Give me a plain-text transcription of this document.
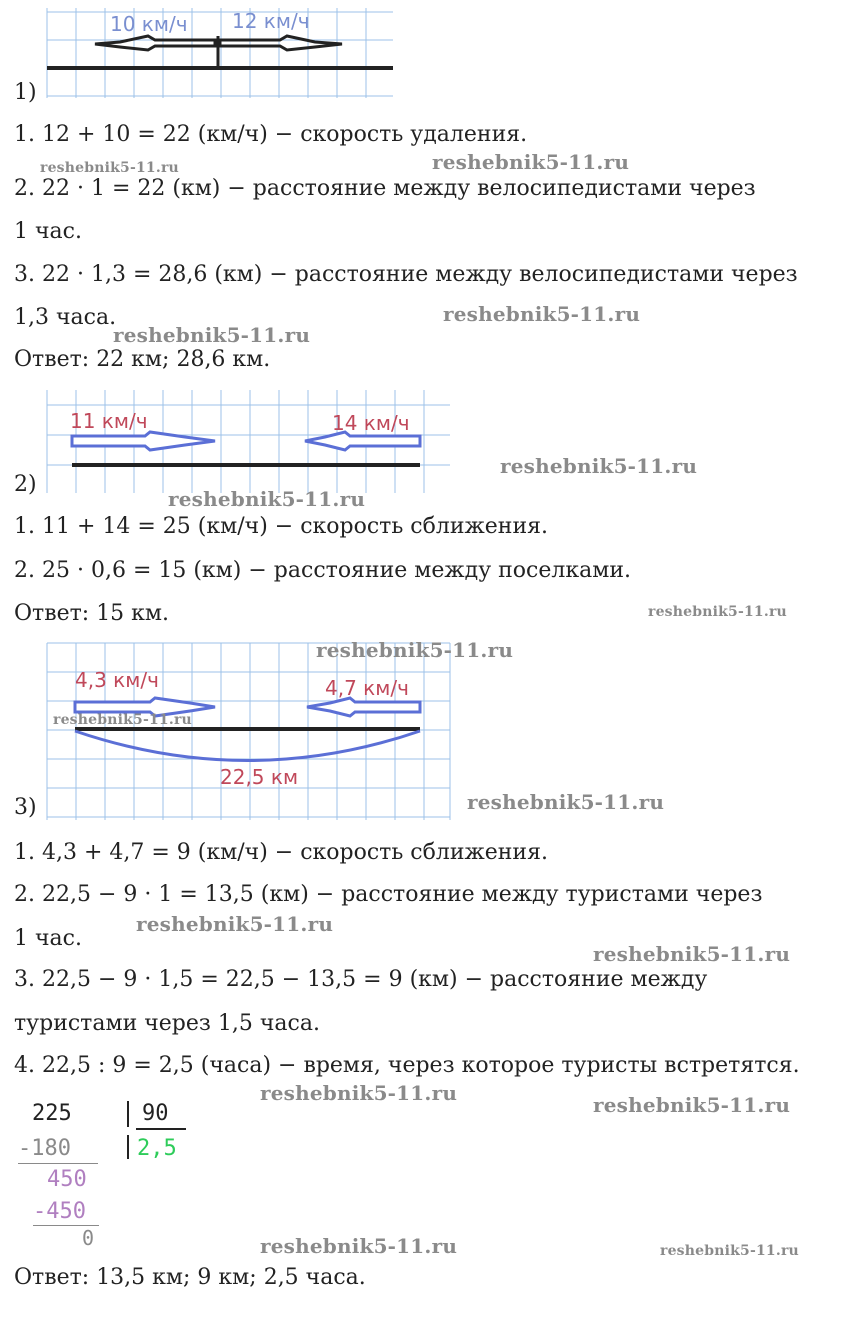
10 км/ч 12 км/ч
1)
1. 12 + 10 = 22 (км/ч) − скорость удаления.
2. 22 · 1 = 22 (км) − расстояние между велосипедистами через
1 час.
3. 22 · 1,3 = 28,6 (км) − расстояние между велосипедистами через
1,3 часа.
Ответ: 22 км; 28,6 км.
11 км/ч	14 км/ч
2)
1. 11 + 14 = 25 (км/ч) − скорость сближения.
2. 25 · 0,6 = 15 (км) − расстояние между поселками.
Ответ: 15 км.
4,3 км/ч	4,7 км/ч
22,5 км
3)
1. 4,3 + 4,7 = 9 (км/ч) − скорость сближения.
2. 22,5 − 9 · 1 = 13,5 (км) − расстояние между туристами через
1 час.
3. 22,5 − 9 · 1,5 = 22,5 − 13,5 = 9 (км) − расстояние между
туристами через 1,5 часа.
4. 22,5 : 9 = 2,5 (часа) − время, через которое туристы встретятся.
225	90
2,5
-180
450
-450
0
Ответ: 13,5 км; 9 км; 2,5 часа.
reshebnik5-11.ru	reshebnik5-11.ru
reshebnik5-11.ru
reshebnik5-11.ru
reshebnik5-11.ru
reshebnik5-11.ru
reshebnik5-11.ru
reshebnik5-11.ru
reshebnik5-11.ru
reshebnik5-11.ru
reshebnik5-11.ru
reshebnik5-11.ru
reshebnik5-11.ru	reshebnik5-11.ru
reshebnik5-11.ru	reshebnik5-11.ru
